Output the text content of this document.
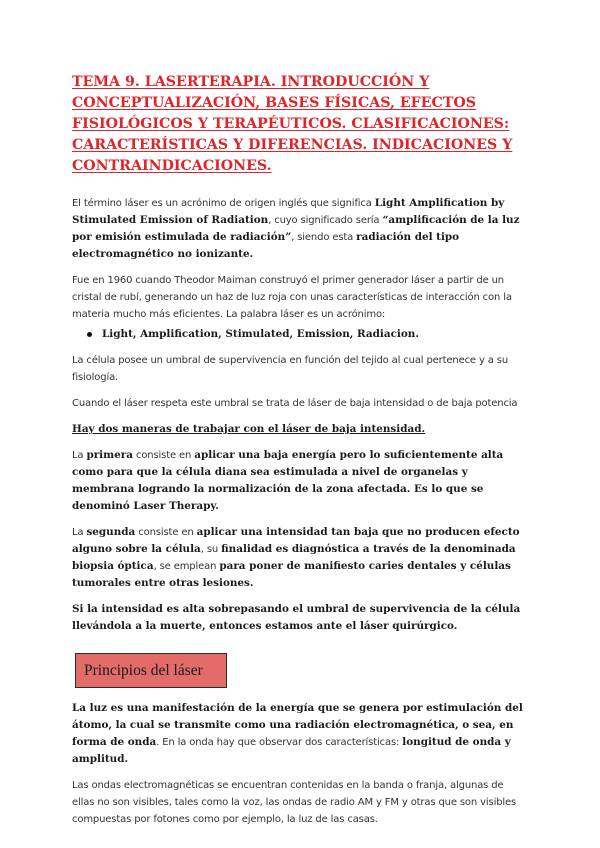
TEMA 9. LASERTERAPIA. INTRODUCCIÓN Y CONCEPTUALIZACIÓN, BASES FÍSICAS, EFECTOS FISIOLÓGICOS Y TERAPÉUTICOS. CLASIFICACIONES: CARACTERÍSTICAS Y DIFERENCIAS. INDICACIONES Y CONTRAINDICACIONES.

El término láser es un acrónimo de origen inglés que significa Light Amplification by Stimulated Emission of Radiation, cuyo significado sería “amplificación de la luz por emisión estimulada de radiación”, siendo esta radiación del tipo electromagnético no ionizante.

Fue en 1960 cuando Theodor Maiman construyó el primer generador láser a partir de un cristal de rubí, generando un haz de luz roja con unas características de interacción con la materia mucho más eficientes. La palabra láser es un acrónimo:

Light, Amplification, Stimulated, Emission, Radiacion.

La célula posee un umbral de supervivencia en función del tejido al cual pertenece y a su fisiología.

Cuando el láser respeta este umbral se trata de láser de baja intensidad o de baja potencia

Hay dos maneras de trabajar con el láser de baja intensidad.

La primera consiste en aplicar una baja energía pero lo suficientemente alta como para que la célula diana sea estimulada a nivel de organelas y membrana logrando la normalización de la zona afectada. Es lo que se denominó Laser Therapy.

La segunda consiste en aplicar una intensidad tan baja que no producen efecto alguno sobre la célula, su finalidad es diagnóstica a través de la denominada biopsia óptica, se emplean para poner de manifiesto caries dentales y células tumorales entre otras lesiones.

Si la intensidad es alta sobrepasando el umbral de supervivencia de la célula llevándola a la muerte, entonces estamos ante el láser quirúrgico.

Principios del láser

La luz es una manifestación de la energía que se genera por estimulación del átomo, la cual se transmite como una radiación electromagnética, o sea, en forma de onda. En la onda hay que observar dos características: longitud de onda y amplitud.

Las ondas electromagnéticas se encuentran contenidas en la banda o franja, algunas de ellas no son visibles, tales como la voz, las ondas de radio AM y FM y otras que son visibles compuestas por fotones como por ejemplo, la luz de las casas.
